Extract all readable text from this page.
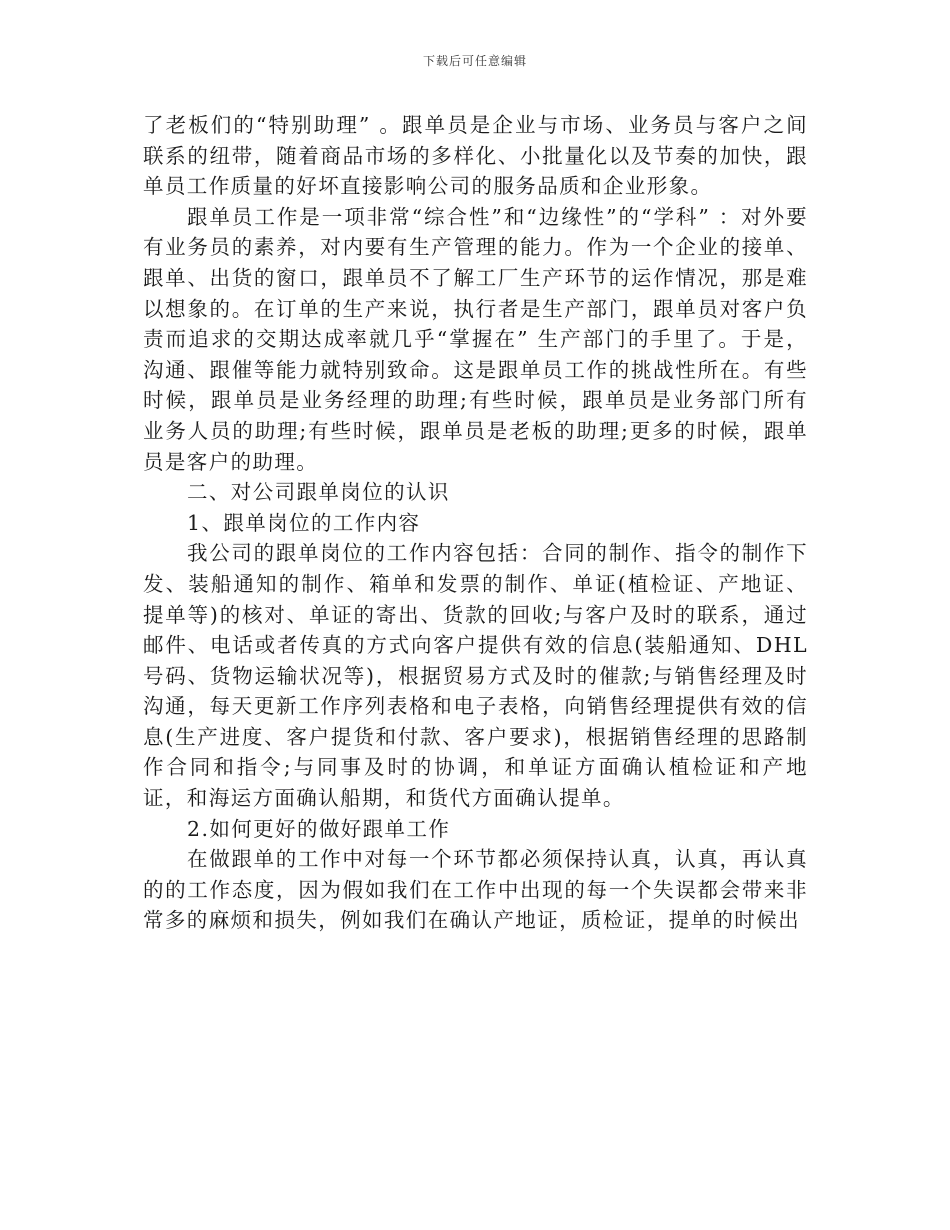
下载后可任意编辑

了老板们的“特别助理” 。跟单员是企业与市场、业务员与客户之间联系的纽带，随着商品市场的多样化、小批量化以及节奏的加快，跟单员工作质量的好坏直接影响公司的服务品质和企业形象。

跟单员工作是一项非常“综合性”和“边缘性”的“学科” ：对外要有业务员的素养，对内要有生产管理的能力。作为一个企业的接单、跟单、出货的窗口，跟单员不了解工厂生产环节的运作情况，那是难以想象的。在订单的生产来说，执行者是生产部门，跟单员对客户负责而追求的交期达成率就几乎“掌握在” 生产部门的手里了。于是，沟通、跟催等能力就特别致命。这是跟单员工作的挑战性所在。有些时候，跟单员是业务经理的助理;有些时候，跟单员是业务部门所有业务人员的助理;有些时候，跟单员是老板的助理;更多的时候，跟单员是客户的助理。

二、对公司跟单岗位的认识

1、跟单岗位的工作内容

我公司的跟单岗位的工作内容包括：合同的制作、指令的制作下发、装船通知的制作、箱单和发票的制作、单证(植检证、产地证、提单等)的核对、单证的寄出、货款的回收;与客户及时的联系，通过邮件、电话或者传真的方式向客户提供有效的信息(装船通知、DHL号码、货物运输状况等)，根据贸易方式及时的催款;与销售经理及时沟通，每天更新工作序列表格和电子表格，向销售经理提供有效的信息(生产进度、客户提货和付款、客户要求)，根据销售经理的思路制作合同和指令;与同事及时的协调，和单证方面确认植检证和产地证，和海运方面确认船期，和货代方面确认提单。

2.如何更好的做好跟单工作

在做跟单的工作中对每一个环节都必须保持认真，认真，再认真的的工作态度，因为假如我们在工作中出现的每一个失误都会带来非常多的麻烦和损失，例如我们在确认产地证，质检证，提单的时候出
